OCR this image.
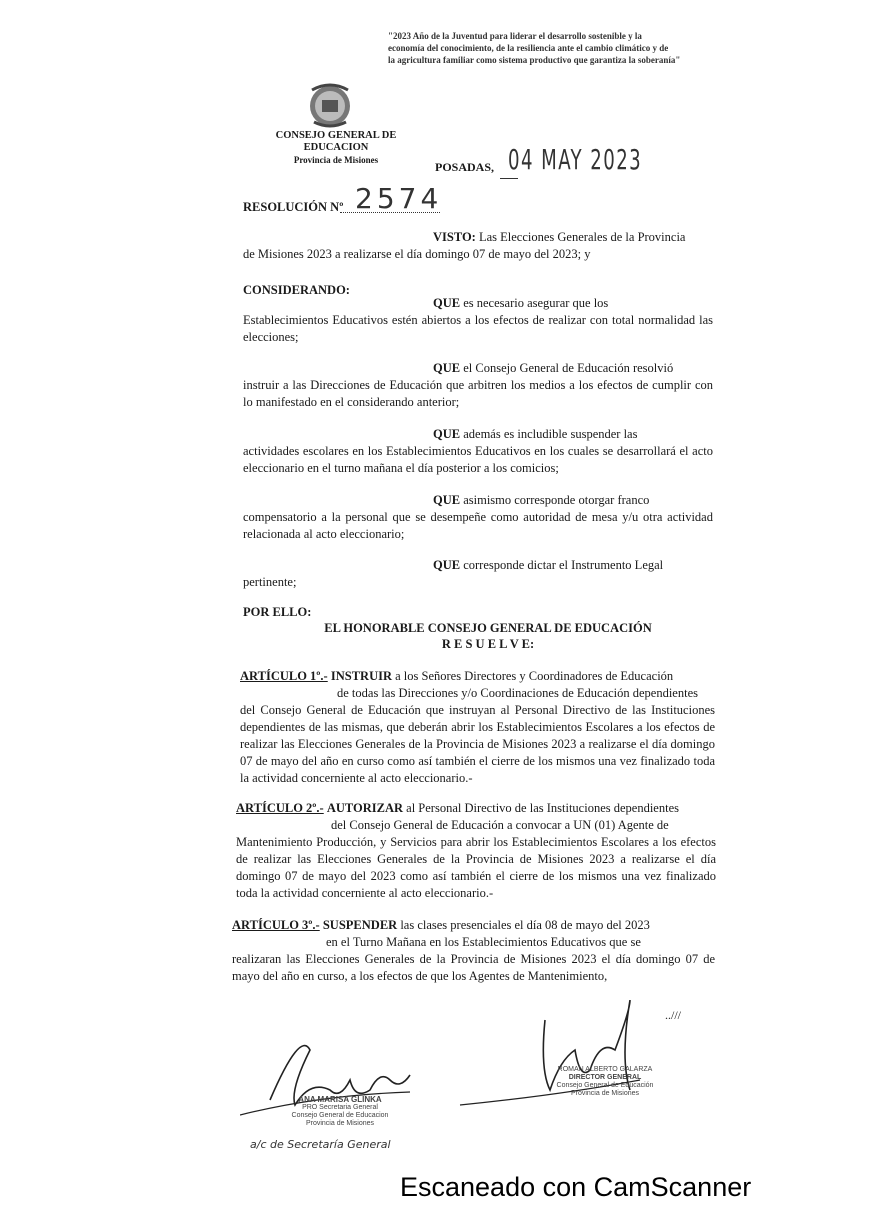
"2023 Año de la Juventud para liderar el desarrollo sostenible y la
economía del conocimiento, de la resiliencia ante el cambio climático y de
la agricultura familiar como sistema productivo que garantiza la soberanía"
CONSEJO GENERAL DE EDUCACION
Provincia de Misiones	POSADAS, 04 MAY 2023
RESOLUCIÓN Nº 2574
VISTO: Las Elecciones Generales de la Provincia
de Misiones 2023 a realizarse el día domingo 07 de mayo del 2023; y
CONSIDERANDO:
QUE es necesario asegurar que los
Establecimientos Educativos estén abiertos a los efectos de realizar con total normalidad las elecciones;
QUE el Consejo General de Educación resolvió
instruir a las Direcciones de Educación que arbitren los medios a los efectos de cumplir con lo manifestado en el considerando anterior;
QUE además es includible suspender las
actividades escolares en los Establecimientos Educativos en los cuales se desarrollará el acto eleccionario en el turno mañana el día posterior a los comicios;
QUE asimismo corresponde otorgar franco
compensatorio a la personal que se desempeñe como autoridad de mesa y/u otra actividad relacionada al acto eleccionario;
QUE corresponde dictar el Instrumento Legal
pertinente;
POR ELLO:
EL HONORABLE CONSEJO GENERAL DE EDUCACIÓN
R E S U E L V E:
ARTÍCULO 1º.- INSTRUIR a los Señores Directores y Coordinadores de Educación
de todas las Direcciones y/o Coordinaciones de Educación dependientes
del Consejo General de Educación que instruyan al Personal Directivo de las Instituciones dependientes de las mismas, que deberán abrir los Establecimientos Escolares a los efectos de realizar las Elecciones Generales de la Provincia de Misiones 2023 a realizarse el día domingo 07 de mayo del año en curso como así también el cierre de los mismos una vez finalizado toda la actividad concerniente al acto eleccionario.-
ARTÍCULO 2º.- AUTORIZAR al Personal Directivo de las Instituciones dependientes
del Consejo General de Educación a convocar a UN (01) Agente de
Mantenimiento Producción, y Servicios para abrir los Establecimientos Escolares a los efectos de realizar las Elecciones Generales de la Provincia de Misiones 2023 a realizarse el día domingo 07 de mayo del 2023 como así también el cierre de los mismos una vez finalizado toda la actividad concerniente al acto eleccionario.-
ARTÍCULO 3º.- SUSPENDER las clases presenciales el día 08 de mayo del 2023
en el Turno Mañana en los Establecimientos Educativos que se
realizaran las Elecciones Generales de la Provincia de Misiones 2023 el día domingo 07 de mayo del año en curso, a los efectos de que los Agentes de Mantenimiento,
..///
ANA MARISA GLINKA
PRO Secretaria General
Consejo General de Educacion
Provincia de Misiones
a/c de Secretaría General
ROMAN ALBERTO GALARZA
DIRECTOR GENERAL
Consejo General de Educación
Provincia de Misiones
Escaneado con CamScanner
